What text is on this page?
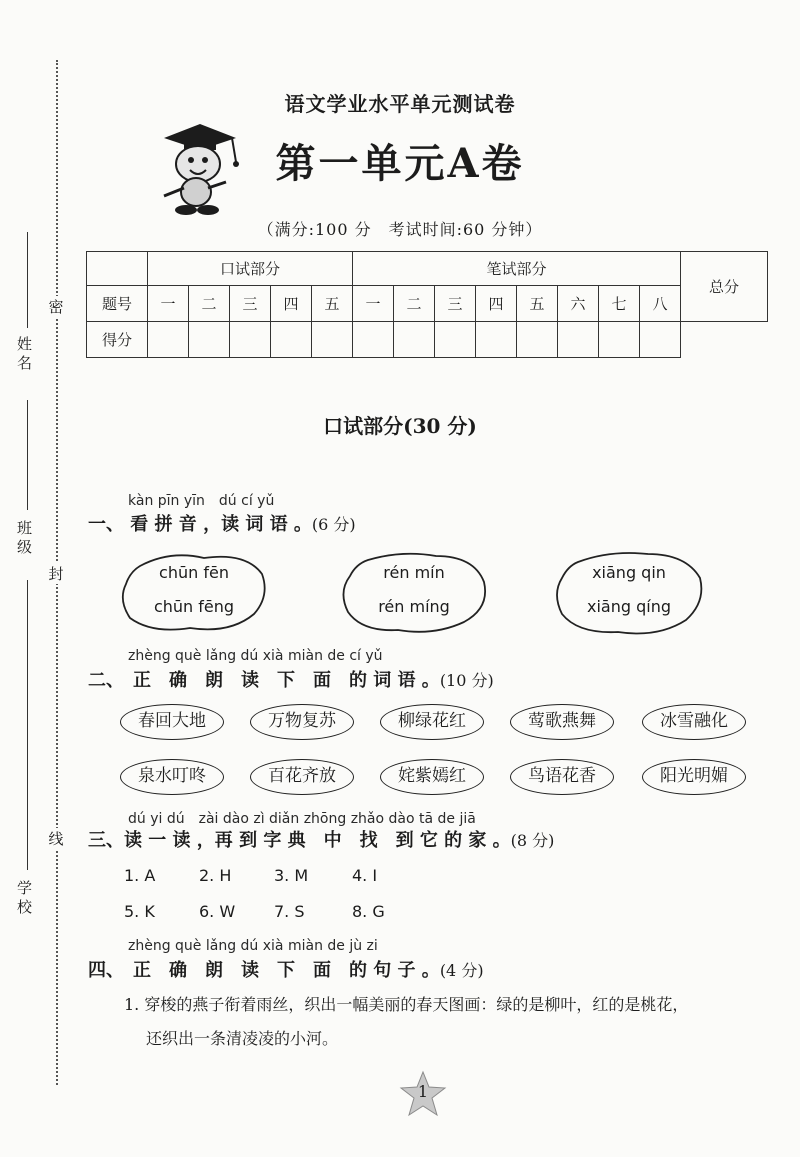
密
封
线
姓名
班级
学校
语文学业水平单元测试卷
第一单元A卷
（满分:100 分　考试时间:60 分钟）
	口试部分					笔试部分								总分
题号	一	二	三	四	五	一	二	三	四	五	六	七	八	
得分														
口试部分(30 分)
kàn pīn yīn　dú cí yǔ
一、 看 拼 音 ，读 词 语 。(6 分)
chūn fēn
chūn fēng
rén mín
rén míng
xiāng qin
xiāng qíng
zhèng què lǎng dú xià miàn de cí yǔ
二、　正　确　朗　读　下　面　的 词 语 。(10 分)
春回大地	万物复苏	柳绿花红	莺歌燕舞	冰雪融化
泉水叮咚	百花齐放	姹紫嫣红	鸟语花香	阳光明媚
dú yi dú　zài dào zì diǎn zhōng zhǎo dào tā de jiā
三、读 一 读 ，再 到 字 典　中　找　到 它 的 家 。(8 分)
1. A	2. H	3. M	4. I
5. K	6. W 7. S	8. G
zhèng què lǎng dú xià miàn de jù zi
四、　正　确　朗　读　下　面　的 句 子 。(4 分)
1. 穿梭的燕子衔着雨丝，织出一幅美丽的春天图画：绿的是柳叶，红的是桃花，
还织出一条清凌凌的小河。
1
